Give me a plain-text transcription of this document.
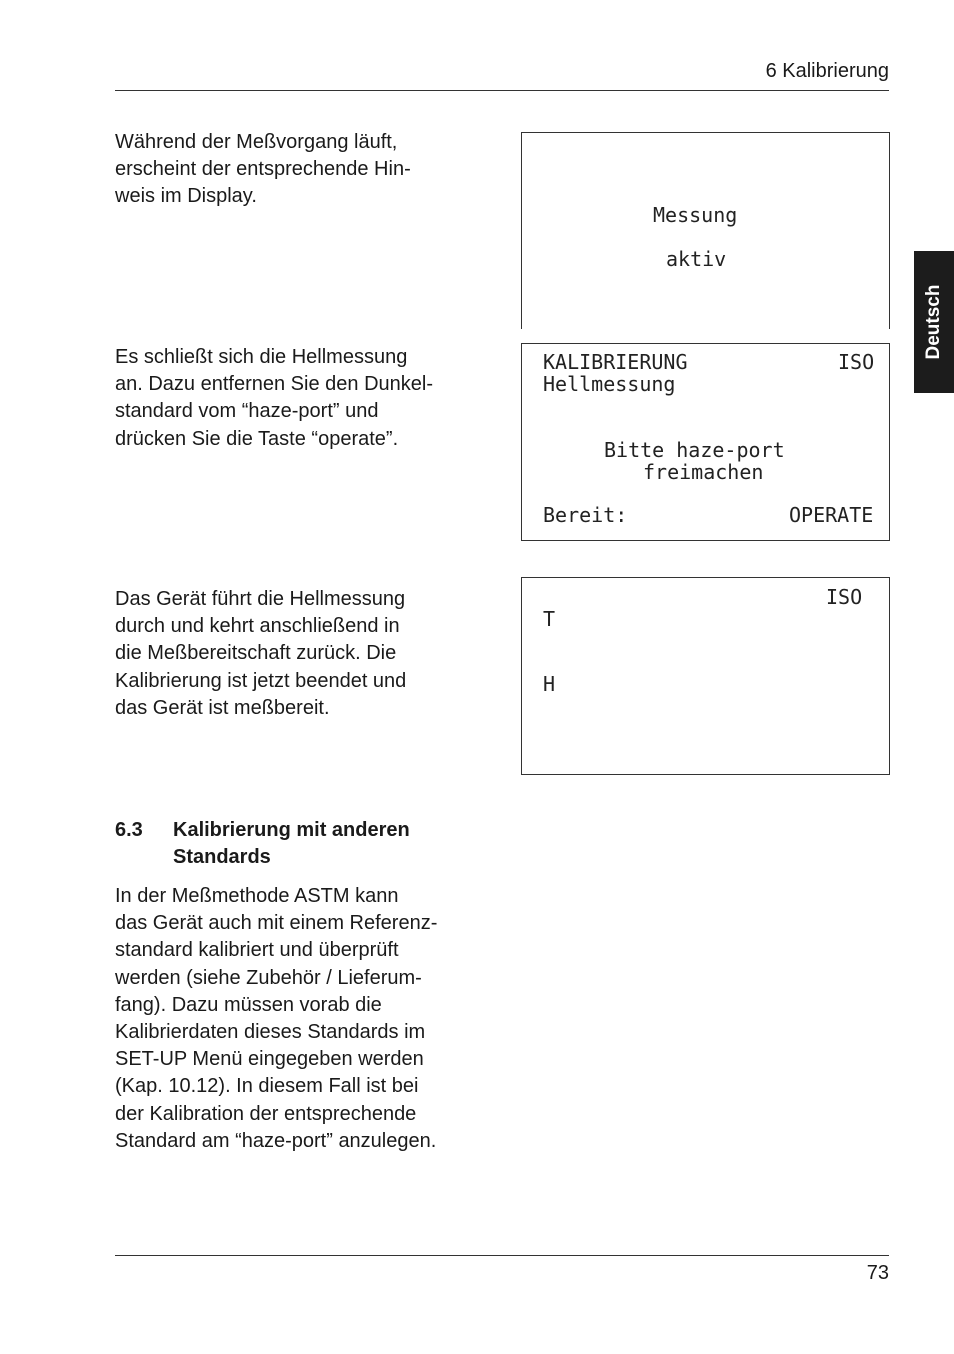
6 Kalibrierung
Deutsch
Während der Meßvorgang läuft,
erscheint der entsprechende Hin-
weis im Display.
Messung
aktiv
Es schließt sich die Hellmessung
an. Dazu entfernen Sie den Dunkel-
standard vom “haze-port” und
drücken Sie die Taste “operate”.
KALIBRIERUNG	ISO
Hellmessung
Bitte haze-port
freimachen
Bereit:	OPERATE
Das Gerät führt die Hellmessung
durch und kehrt anschließend in
die Meßbereitschaft zurück. Die
Kalibrierung ist jetzt beendet und
das Gerät ist meßbereit.
ISO
T
H
6.3 Kalibrierung mit anderen
Standards
In der Meßmethode ASTM kann
das Gerät auch mit einem Referenz-
standard kalibriert und überprüft
werden (siehe Zubehör / Lieferum-
fang). Dazu müssen vorab die
Kalibrierdaten dieses Standards im
SET-UP Menü eingegeben werden
(Kap. 10.12). In diesem Fall ist bei
der Kalibration der entsprechende
Standard am “haze-port” anzulegen.
73
